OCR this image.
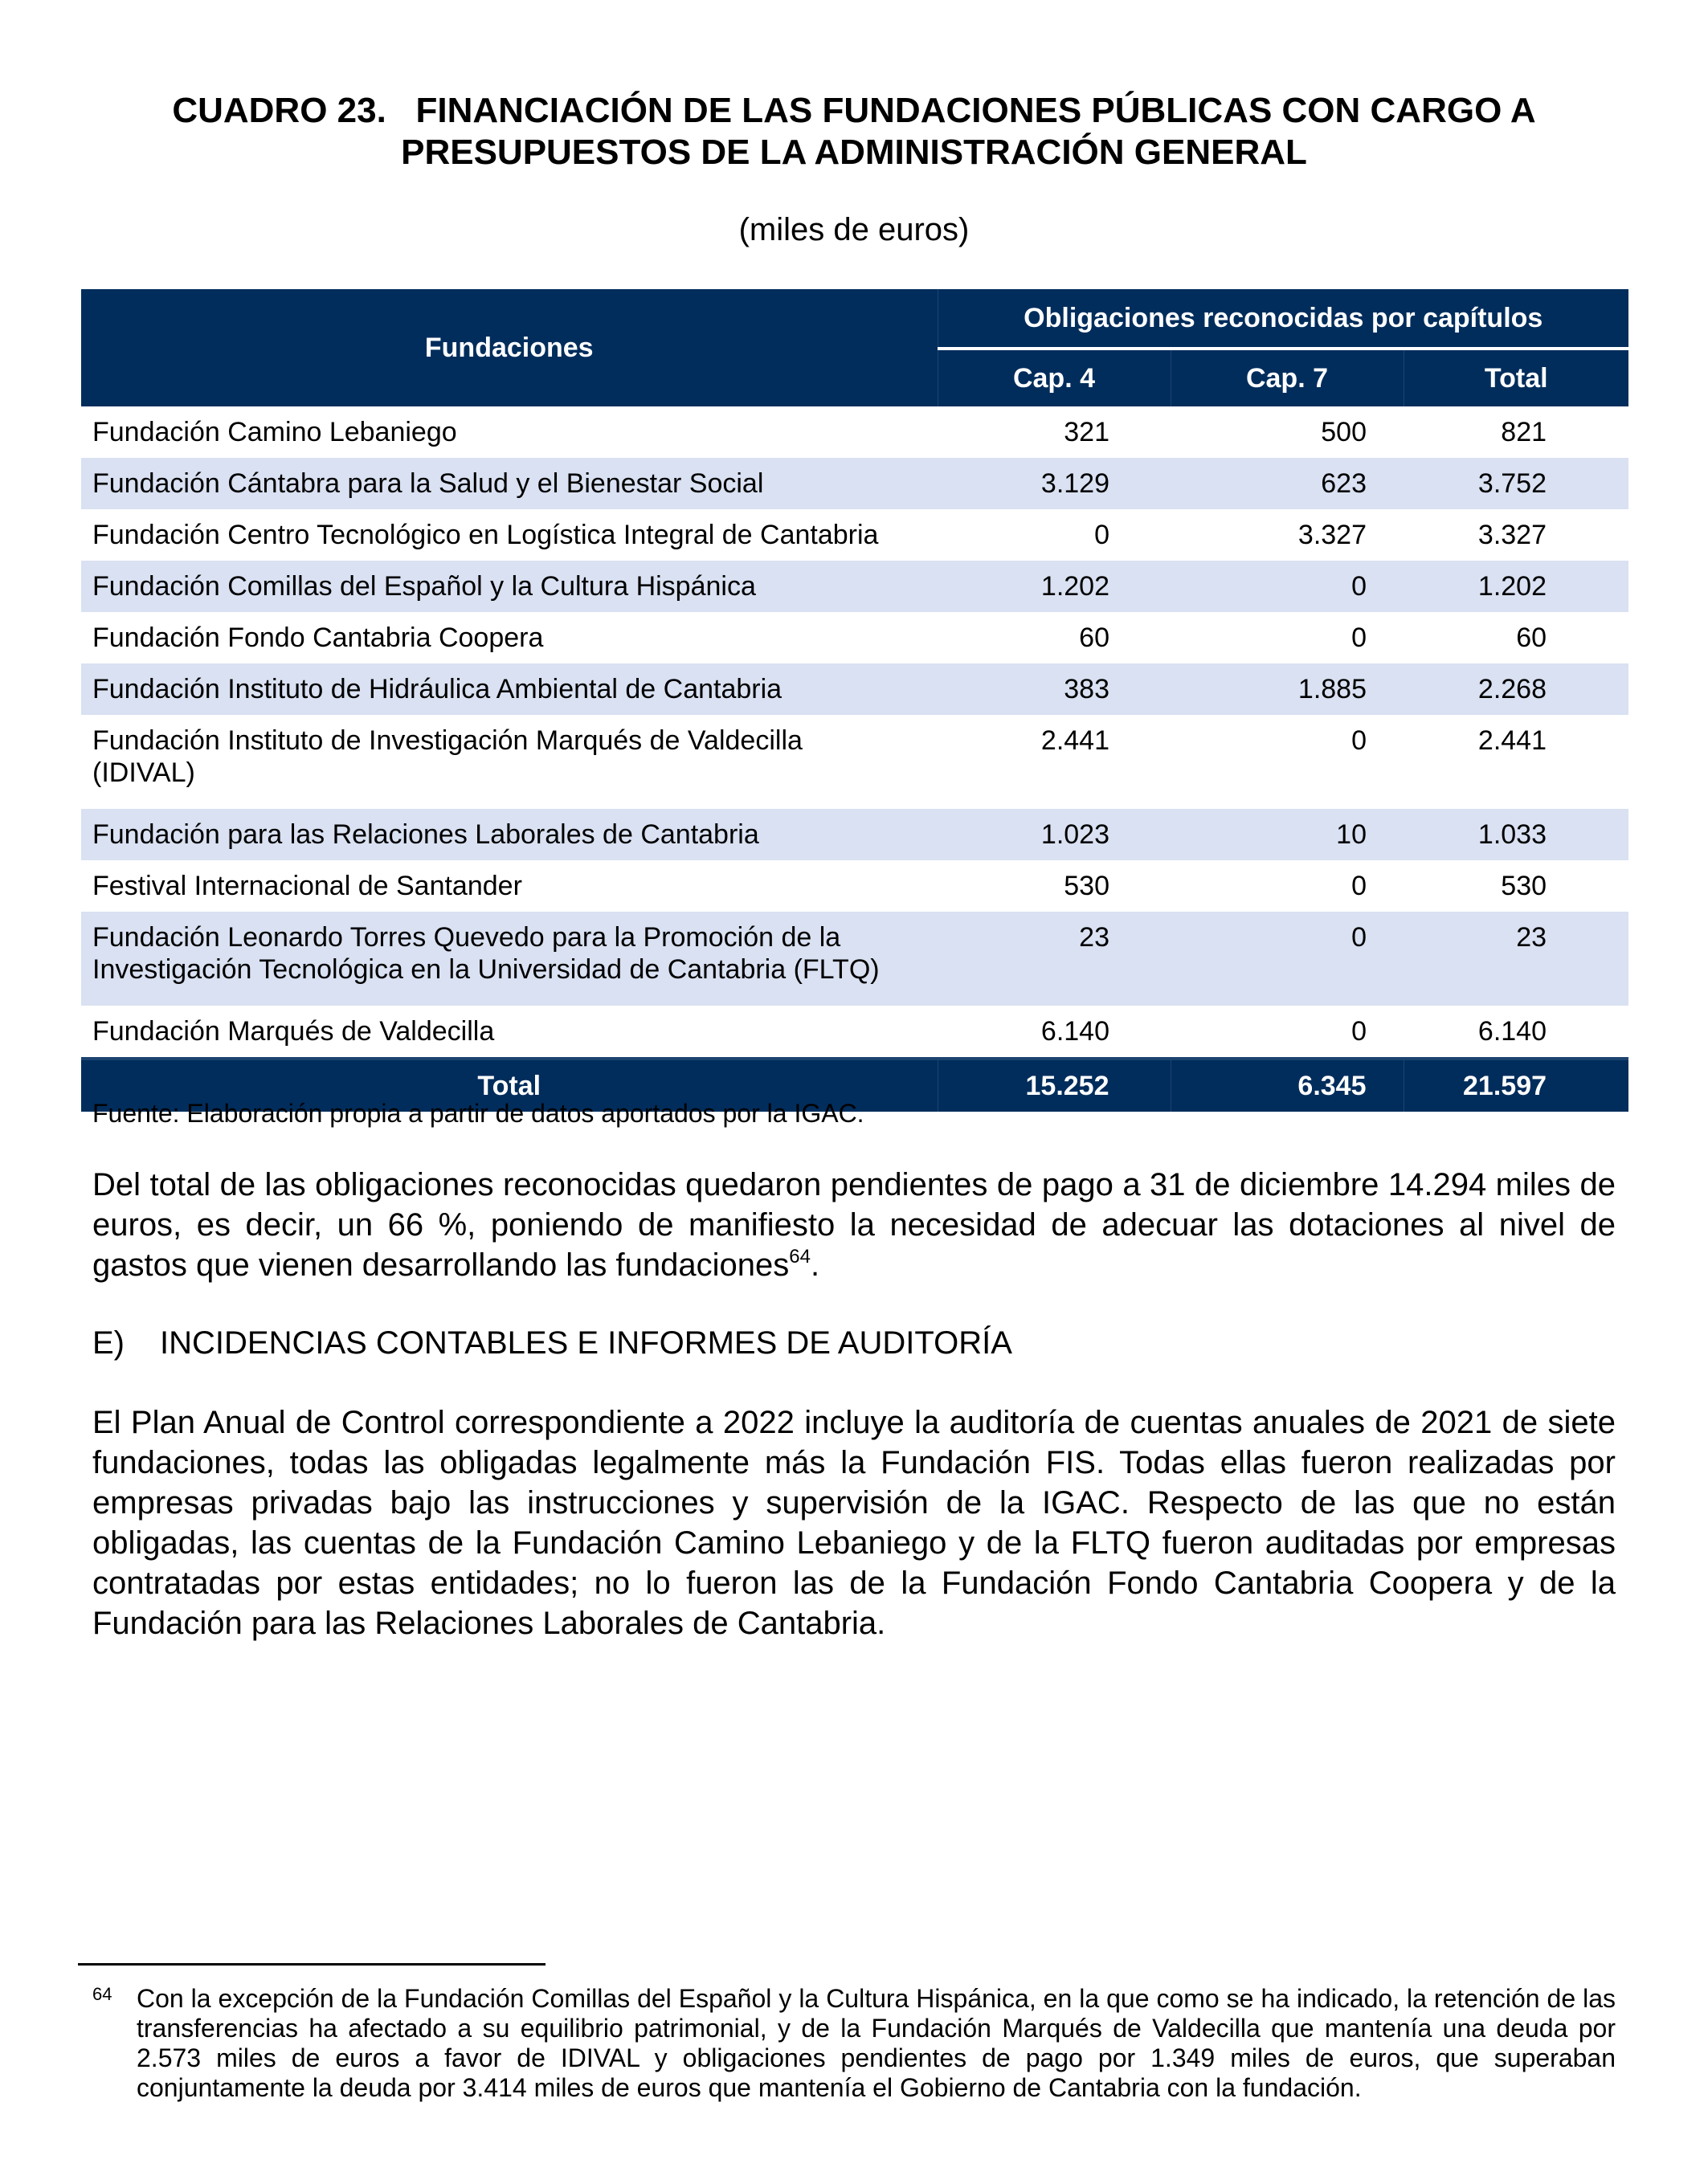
CUADRO 23.   FINANCIACIÓN DE LAS FUNDACIONES PÚBLICAS CON CARGO A
PRESUPUESTOS DE LA ADMINISTRACIÓN GENERAL
(miles de euros)
Fundaciones	Obligaciones reconocidas por capítulos		
	Cap. 4	Cap. 7	Total
Fundación Camino Lebaniego	321	500	821
Fundación Cántabra para la Salud y el Bienestar Social	3.129	623	3.752
Fundación Centro Tecnológico en Logística Integral de Cantabria	0	3.327	3.327
Fundación Comillas del Español y la Cultura Hispánica	1.202	0	1.202
Fundación Fondo Cantabria Coopera	60	0	60
Fundación Instituto de Hidráulica Ambiental de Cantabria	383	1.885	2.268

Fundación Instituto de Investigación Marqués de Valdecilla
(IDIVAL)	2.441	0	2.441
Fundación para las Relaciones Laborales de Cantabria	1.023	10	1.033
Festival Internacional de Santander	530	0	530

Fundación Leonardo Torres Quevedo para la Promoción de la
Investigación Tecnológica en la Universidad de Cantabria (FLTQ)	23	0	23
Fundación Marqués de Valdecilla	6.140	0	6.140
Total	15.252	6.345	21.597
Fuente: Elaboración propia a partir de datos aportados por la IGAC.
Del total de las obligaciones reconocidas quedaron pendientes de pago a 31 de diciembre 14.294 miles de euros, es decir, un 66 %, poniendo de manifiesto la necesidad de adecuar las dotaciones al nivel de gastos que vienen desarrollando las fundaciones$^{64}$.
E) INCIDENCIAS CONTABLES E INFORMES DE AUDITORÍA
El Plan Anual de Control correspondiente a 2022 incluye la auditoría de cuentas anuales de 2021 de siete fundaciones, todas las obligadas legalmente más la Fundación FIS. Todas ellas fueron realizadas por empresas privadas bajo las instrucciones y supervisión de la IGAC. Respecto de las que no están obligadas, las cuentas de la Fundación Camino Lebaniego y de la FLTQ fueron auditadas por empresas contratadas por estas entidades; no lo fueron las de la Fundación Fondo Cantabria Coopera y de la Fundación para las Relaciones Laborales de Cantabria.
64 Con la excepción de la Fundación Comillas del Español y la Cultura Hispánica, en la que como se ha indicado, la retención de las transferencias ha afectado a su equilibrio patrimonial, y de la Fundación Marqués de Valdecilla que mantenía una deuda por 2.573 miles de euros a favor de IDIVAL y obligaciones pendientes de pago por 1.349 miles de euros, que superaban conjuntamente la deuda por 3.414 miles de euros que mantenía el Gobierno de Cantabria con la fundación.
